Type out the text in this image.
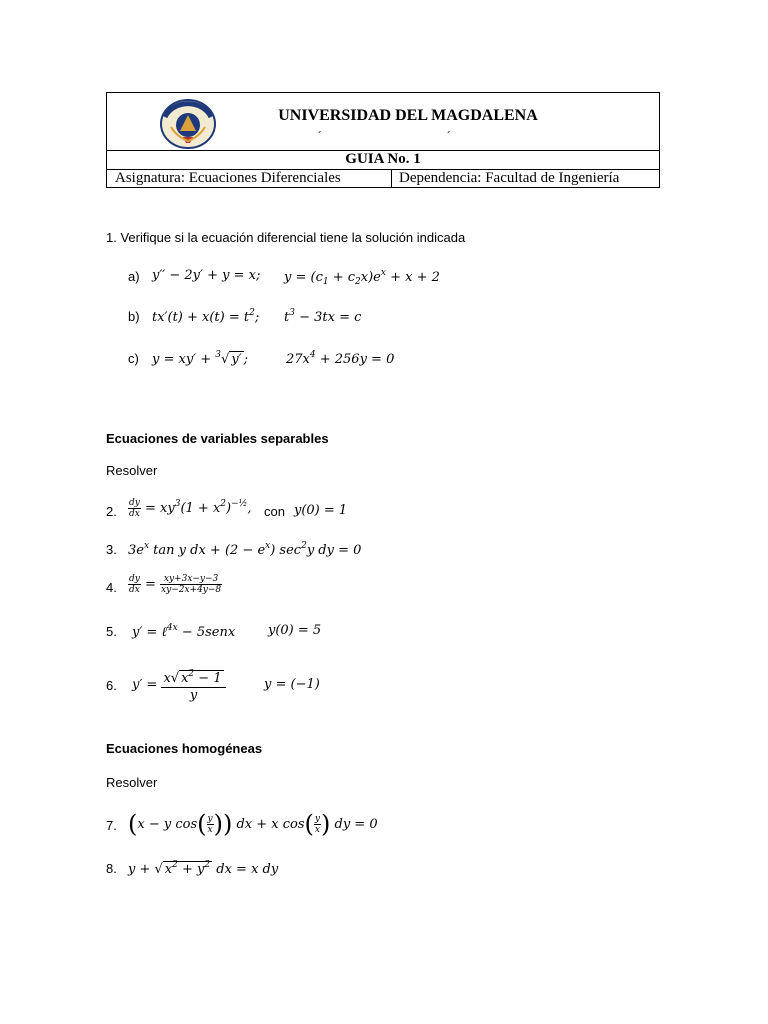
UNIVERSIDAD DEL MAGDALENA
´	´
GUIA No. 1
Asignatura: Ecuaciones Diferenciales	Dependencia: Facultad de Ingeniería
1. Verifique si la ecuación diferencial tiene la solución indicada
a) y′′ − 2y′ + y = x; $y = (c_1 + c_2x)e^x + x + 2$
b) $tx'(t) + x(t) = t^2$; $t^3 - 3tx = c$
c) y = xy′ + $^3$√ y′ ;	$27x^4 + 256y = 0$
Ecuaciones de variables separables
Resolver
2. $\frac{dy}{dx} = xy^3(1 + x^2)^{-\frac{1}{2}}$, con y(0) = 1
3. $3e^x$ tan y dx + $(2 - e^x)$ $\sec^2y$ dy = 0
4. $\frac{dy}{dx} = \frac{xy+3x-y-3}{xy-2x+4y-8}$
5. y′ = ℓ$^{4x}$ − 5senx	y(0) = 5
6. $y' = \frac{x√ x^2 - 1}{y}$	y = (−1)
Ecuaciones homogéneas
Resolver
7. (x − y $\cos( \frac{y}{x}$ )) dx + x $\cos( \frac{y}{x}$ ) dy = 0
8. y + √ $x^2 + y^2$ dx = x dy
